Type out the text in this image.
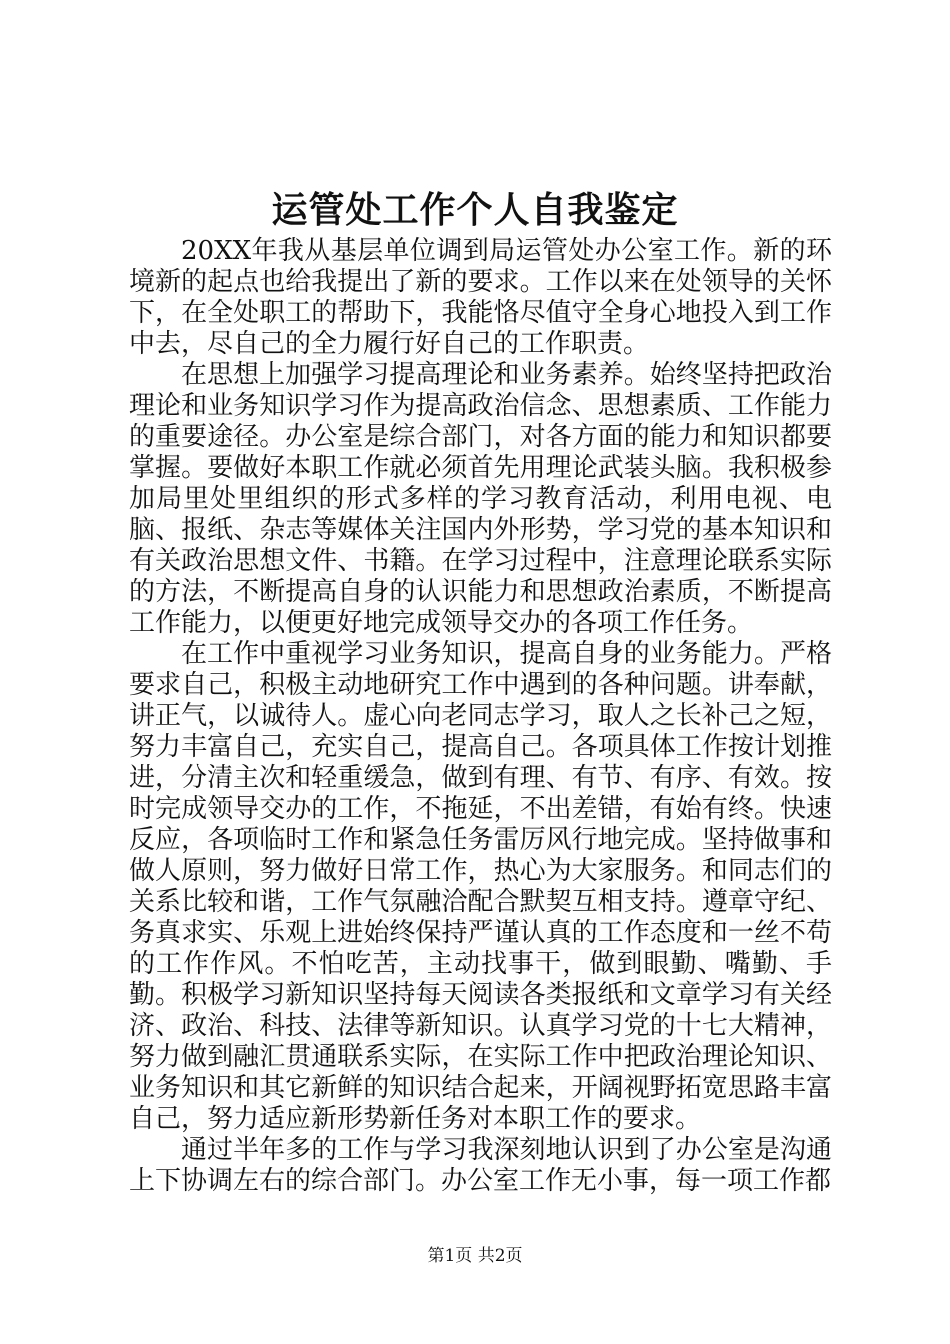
运管处工作个人自我鉴定

20XX年我从基层单位调到局运管处办公室工作。新的环境新的起点也给我提出了新的要求。工作以来在处领导的关怀下，在全处职工的帮助下，我能恪尽值守全身心地投入到工作中去，尽自己的全力履行好自己的工作职责。

在思想上加强学习提高理论和业务素养。始终坚持把政治理论和业务知识学习作为提高政治信念、思想素质、工作能力的重要途径。办公室是综合部门，对各方面的能力和知识都要掌握。要做好本职工作就必须首先用理论武装头脑。我积极参加局里处里组织的形式多样的学习教育活动，利用电视、电脑、报纸、杂志等媒体关注国内外形势，学习党的基本知识和有关政治思想文件、书籍。在学习过程中，注意理论联系实际的方法，不断提高自身的认识能力和思想政治素质，不断提高工作能力，以便更好地完成领导交办的各项工作任务。

在工作中重视学习业务知识，提高自身的业务能力。严格要求自己，积极主动地研究工作中遇到的各种问题。讲奉献，讲正气，以诚待人。虚心向老同志学习，取人之长补己之短，努力丰富自己，充实自己，提高自己。各项具体工作按计划推进，分清主次和轻重缓急，做到有理、有节、有序、有效。按时完成领导交办的工作，不拖延，不出差错，有始有终。快速反应，各项临时工作和紧急任务雷厉风行地完成。坚持做事和做人原则，努力做好日常工作，热心为大家服务。和同志们的关系比较和谐，工作气氛融洽配合默契互相支持。遵章守纪、务真求实、乐观上进始终保持严谨认真的工作态度和一丝不苟的工作作风。不怕吃苦，主动找事干，做到眼勤、嘴勤、手勤。积极学习新知识坚持每天阅读各类报纸和文章学习有关经济、政治、科技、法律等新知识。认真学习党的十七大精神，努力做到融汇贯通联系实际，在实际工作中把政治理论知识、业务知识和其它新鲜的知识结合起来，开阔视野拓宽思路丰富自己，努力适应新形势新任务对本职工作的要求。

通过半年多的工作与学习我深刻地认识到了办公室是沟通上下协调左右的综合部门。办公室工作无小事，每一项工作都

第1页 共2页
